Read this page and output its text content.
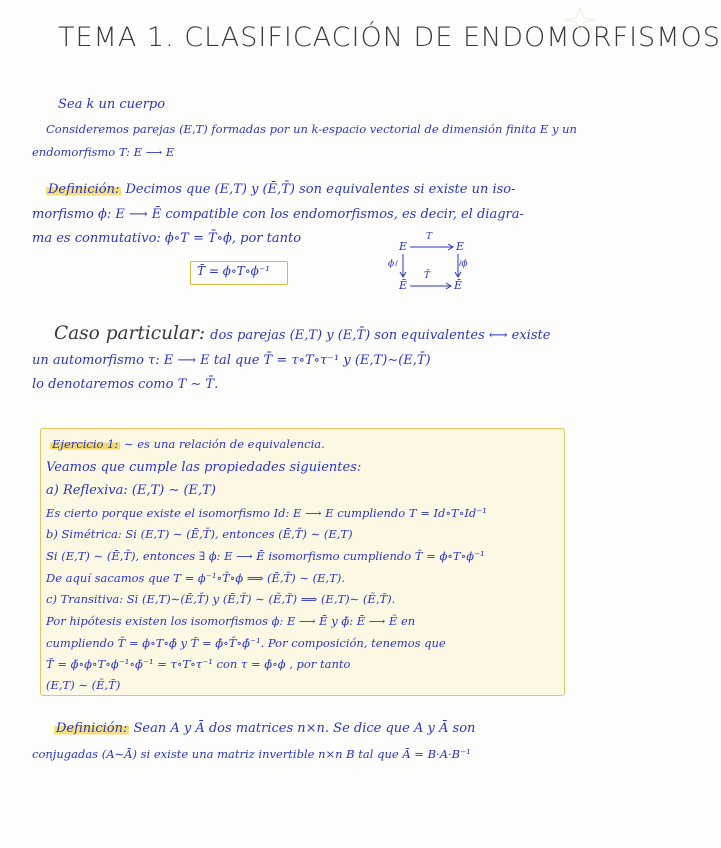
TEMA 1. CLASIFICACIÓN DE ENDOMORFISMOS
Sea k un cuerpo
Consideremos parejas (E,T) formadas por un k-espacio vectorial de dimensión finita E y un
endomorfismo T: E ⟶ E
Definición: Decimos que (E,T) y (Ē,T̄) son equivalentes si existe un iso-
morfismo ϕ: E ⟶ Ē compatible con los endomorfismos, es decir, el diagra-
ma es conmutativo: ϕ∘T = T̄∘ϕ, por tanto
T̄ = ϕ∘T∘ϕ⁻¹
E	E
Ē	Ē
T
T̄
ϕ≀	≀ϕ
Caso particular: dos parejas (E,T) y (E,T̄) son equivalentes ⟷ existe
un automorfismo τ: E ⟶ E tal que T̄ = τ∘T∘τ⁻¹ y (E,T)∼(E,T̄)
lo denotaremos como T ∼ T̄.
Ejercicio 1: ∼ es una relación de equivalencia.
Veamos que cumple las propiedades siguientes:
a) Reflexiva: (E,T) ∼ (E,T)
Es cierto porque existe el isomorfismo Id: E ⟶ E cumpliendo T = Id∘T∘Id⁻¹
b) Simétrica: Si (E,T) ∼ (Ē,T̄), entonces (Ē,T̄) ∼ (E,T)
Si (E,T) ∼ (Ē,T̄), entonces ∃ ϕ: E ⟶ Ē isomorfismo cumpliendo T̄ = ϕ∘T∘ϕ⁻¹
De aquí sacamos que T = ϕ⁻¹∘T̄∘ϕ ⟹ (Ē,T̄) ∼ (E,T).
c) Transitiva: Si (E,T)∼(Ē,T̄) y (Ē,T̄) ∼ (Ẽ,T̃) ⟹ (E,T)∼ (Ẽ,T̃).
Por hipótesis existen los isomorfismos ϕ: E ⟶ Ē y ϕ̄: Ē ⟶ Ẽ en
cumpliendo T̄ = ϕ∘T∘ϕ̄ y T̃ = ϕ̄∘T̄∘ϕ̄⁻¹. Por composición, tenemos que
T̃ = ϕ̄∘ϕ∘T∘ϕ⁻¹∘ϕ̄⁻¹ = τ∘T∘τ⁻¹ con τ = ϕ̄∘ϕ , por tanto
(E,T) ∼ (Ẽ,T̃)
Definición: Sean A y Ā dos matrices n×n. Se dice que A y Ā son
conjugadas (A∼Ā) si existe una matriz invertible n×n B tal que Ā = B·A·B⁻¹
